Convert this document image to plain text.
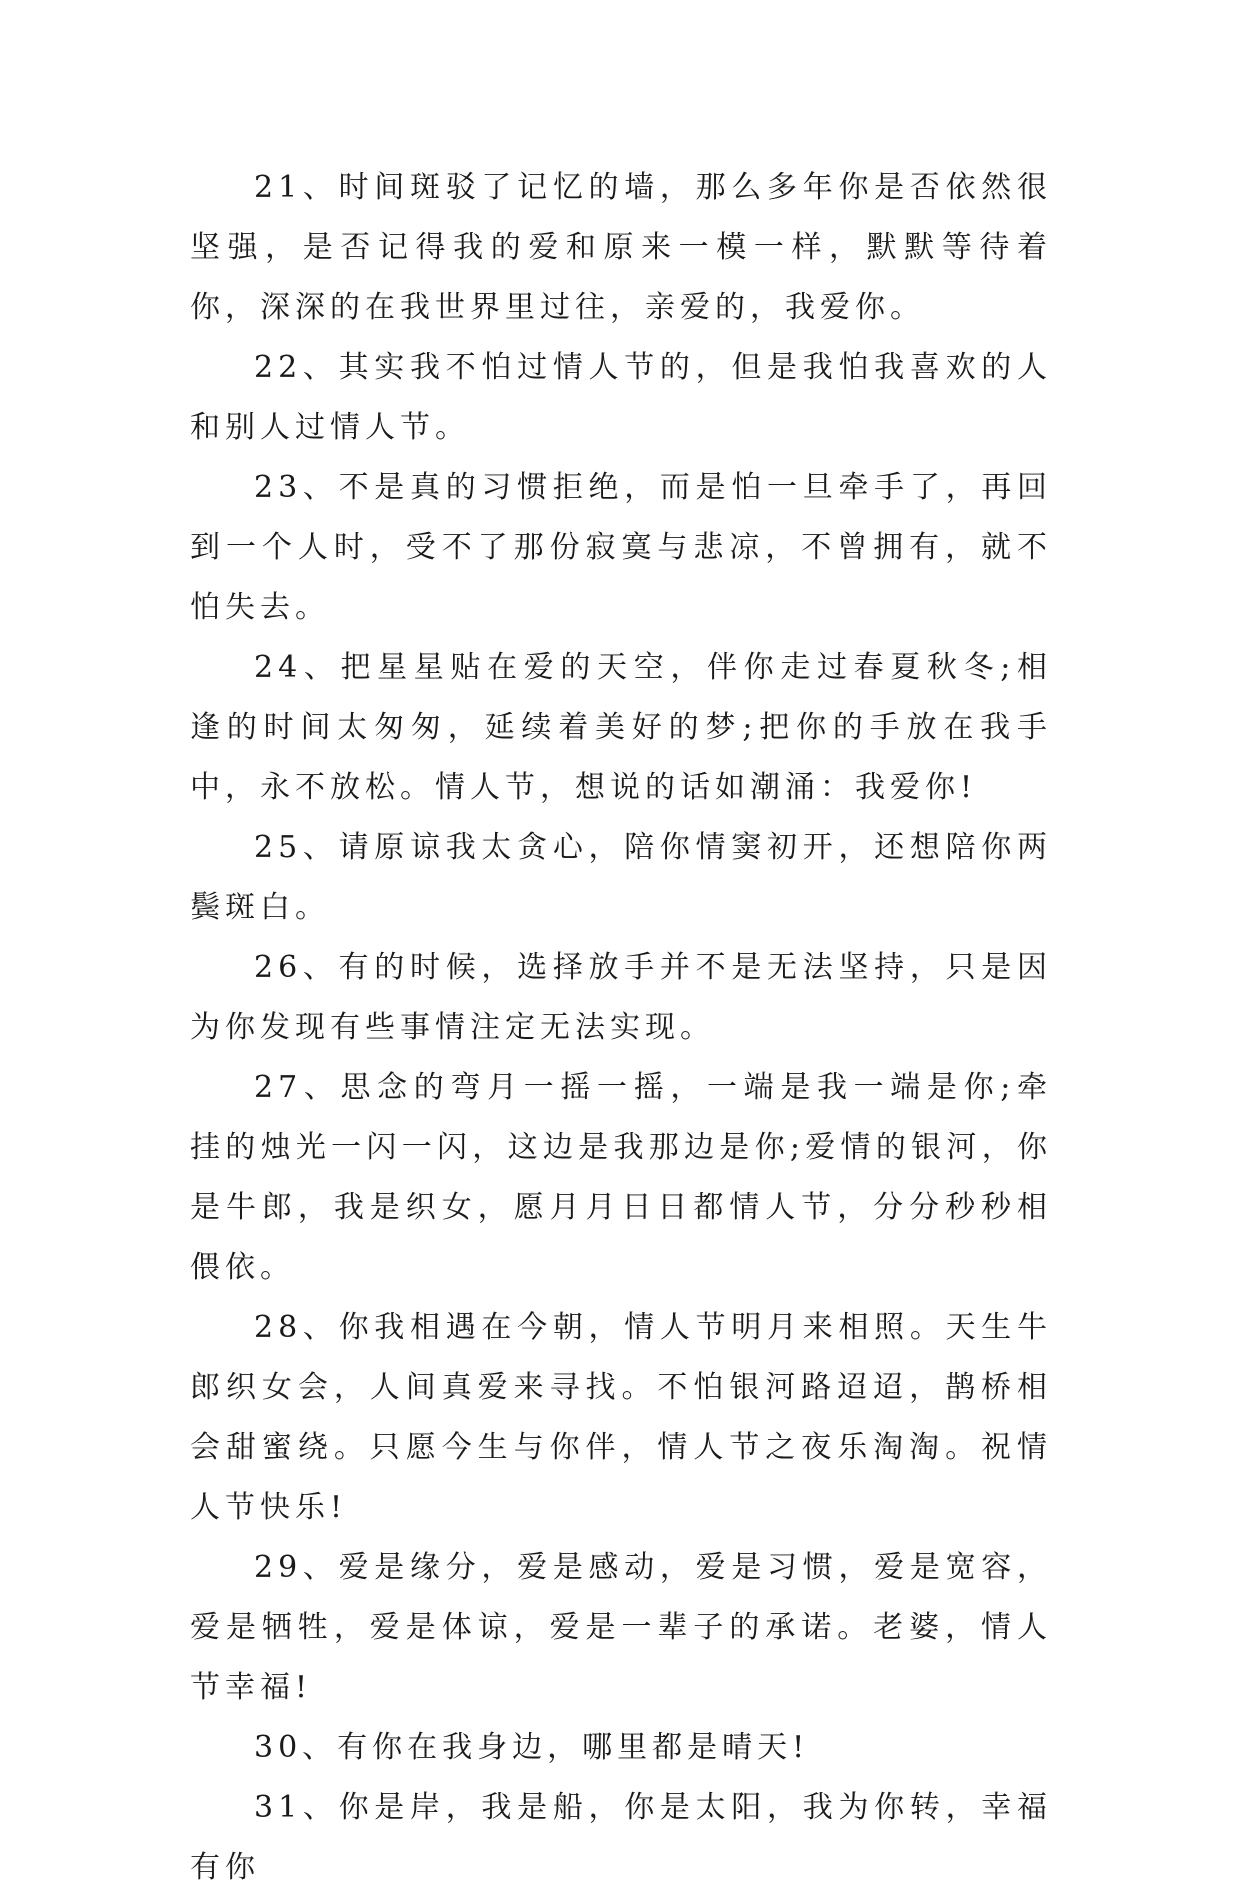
21、时间斑驳了记忆的墙，那么多年你是否依然很坚强，是否记得我的爱和原来一模一样，默默等待着你，深深的在我世界里过往，亲爱的，我爱你。

22、其实我不怕过情人节的，但是我怕我喜欢的人和别人过情人节。

23、不是真的习惯拒绝，而是怕一旦牵手了，再回到一个人时，受不了那份寂寞与悲凉，不曾拥有，就不怕失去。

24、把星星贴在爱的天空，伴你走过春夏秋冬;相逢的时间太匆匆，延续着美好的梦;把你的手放在我手中，永不放松。情人节，想说的话如潮涌：我爱你!

25、请原谅我太贪心，陪你情窦初开，还想陪你两鬓斑白。

26、有的时候，选择放手并不是无法坚持，只是因为你发现有些事情注定无法实现。

27、思念的弯月一摇一摇，一端是我一端是你;牵挂的烛光一闪一闪，这边是我那边是你;爱情的银河，你是牛郎，我是织女，愿月月日日都情人节，分分秒秒相偎依。

28、你我相遇在今朝，情人节明月来相照。天生牛郎织女会，人间真爱来寻找。不怕银河路迢迢，鹊桥相会甜蜜绕。只愿今生与你伴，情人节之夜乐淘淘。祝情人节快乐!

29、爱是缘分，爱是感动，爱是习惯，爱是宽容，爱是牺牲，爱是体谅，爱是一辈子的承诺。老婆，情人节幸福!

30、有你在我身边，哪里都是晴天!

31、你是岸，我是船，你是太阳，我为你转，幸福有你
